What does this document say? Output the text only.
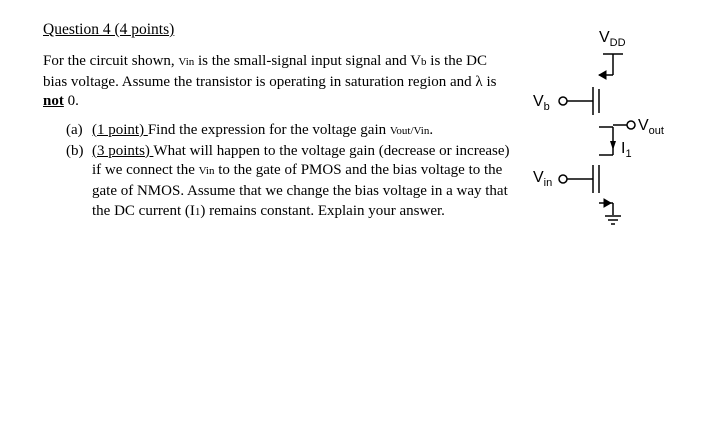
Question 4 (4 points)
For the circuit shown, Vin is the small-signal input signal and Vb is the DC bias voltage. Assume the transistor is operating in saturation region and λ is not 0.
(a) (1 point) Find the expression for the voltage gain Vout/Vin.
(b) (3 points) What will happen to the voltage gain (decrease or increase) if we connect the Vin to the gate of PMOS and the bias voltage to the gate of NMOS. Assume that we change the bias voltage in a way that the DC current (I1) remains constant. Explain your answer.
$V_{DD}$
$V_b$
$V_{out}$
$I_1$
$V_{in}$
